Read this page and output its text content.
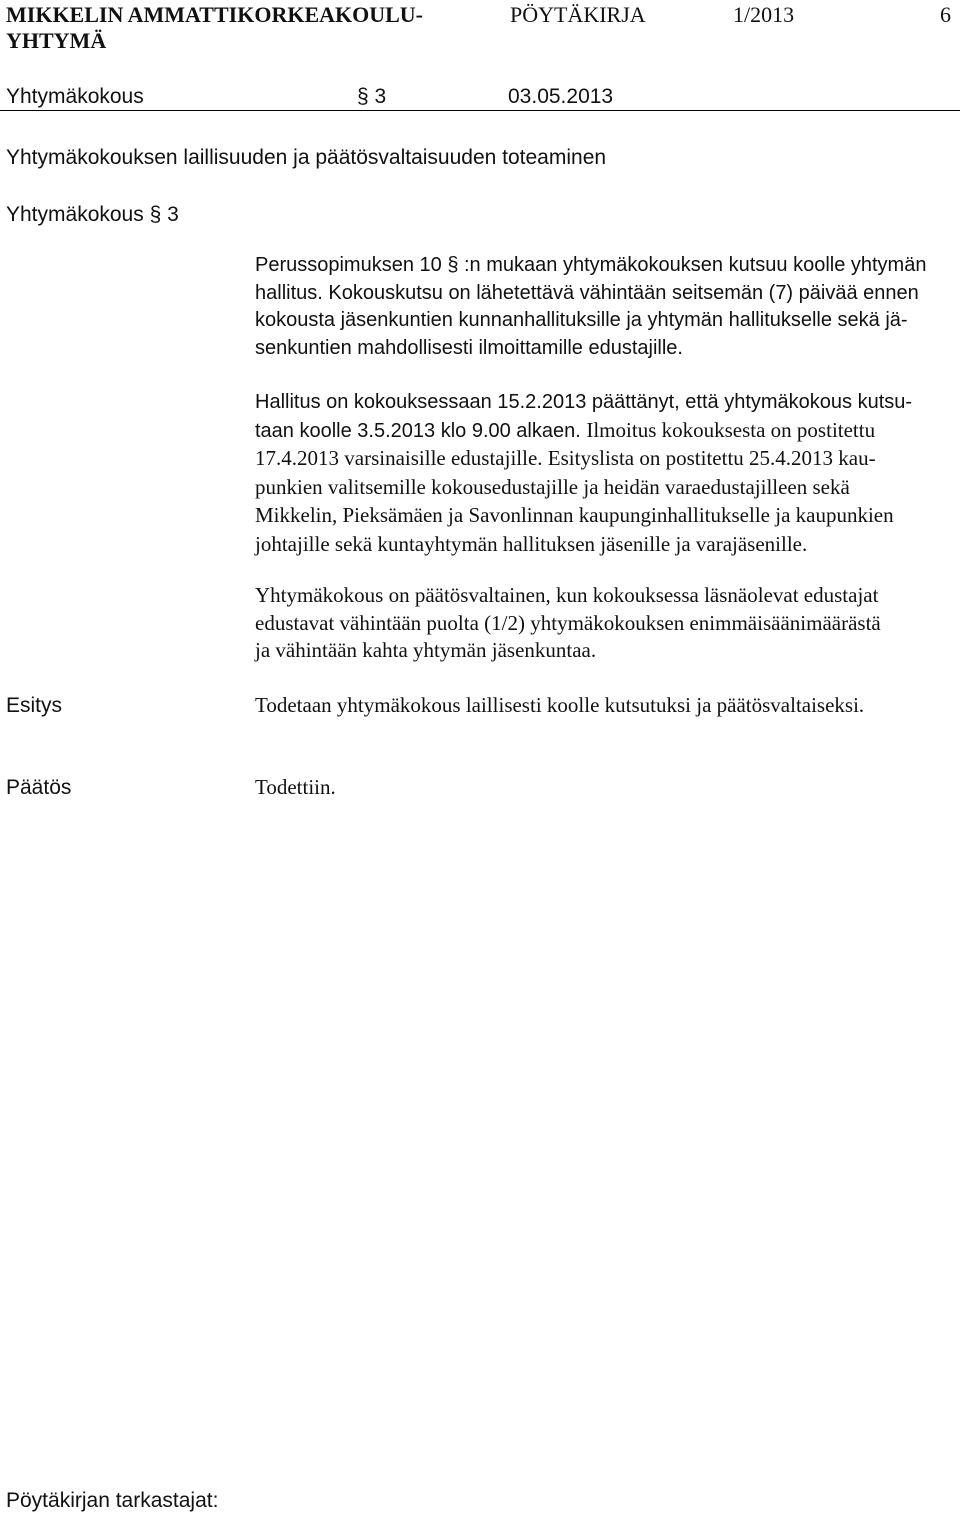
MIKKELIN AMMATTIKORKEAKOULU-YHTYMÄ
PÖYTÄKIRJA	1/2013	6
Yhtymäkokous	§ 3	03.05.2013
Yhtymäkokouksen laillisuuden ja päätösvaltaisuuden toteaminen
Yhtymäkokous § 3
Perussopimuksen 10 § :n mukaan yhtymäkokouksen kutsuu koolle yhtymän
hallitus. Kokouskutsu on lähetettävä vähintään seitsemän (7) päivää ennen
kokousta jäsenkuntien kunnanhallituksille ja yhtymän hallitukselle sekä jä-
senkuntien mahdollisesti ilmoittamille edustajille.
Hallitus on kokouksessaan 15.2.2013 päättänyt, että yhtymäkokous kutsu-
taan koolle 3.5.2013 klo 9.00 alkaen. Ilmoitus kokouksesta on postitettu
17.4.2013 varsinaisille edustajille. Esityslista on postitettu 25.4.2013 kau-
punkien valitsemille kokousedustajille ja heidän varaedustajilleen sekä
Mikkelin, Pieksämäen ja Savonlinnan kaupunginhallitukselle ja kaupunkien
johtajille sekä kuntayhtymän hallituksen jäsenille ja varajäsenille.
Yhtymäkokous on päätösvaltainen, kun kokouksessa läsnäolevat edustajat
edustavat vähintään puolta (1/2) yhtymäkokouksen enimmäisäänimäärästä
ja vähintään kahta yhtymän jäsenkuntaa.
Esitys	Todetaan yhtymäkokous laillisesti koolle kutsutuksi ja päätösvaltaiseksi.
Päätös	Todettiin.
Pöytäkirjan tarkastajat:
